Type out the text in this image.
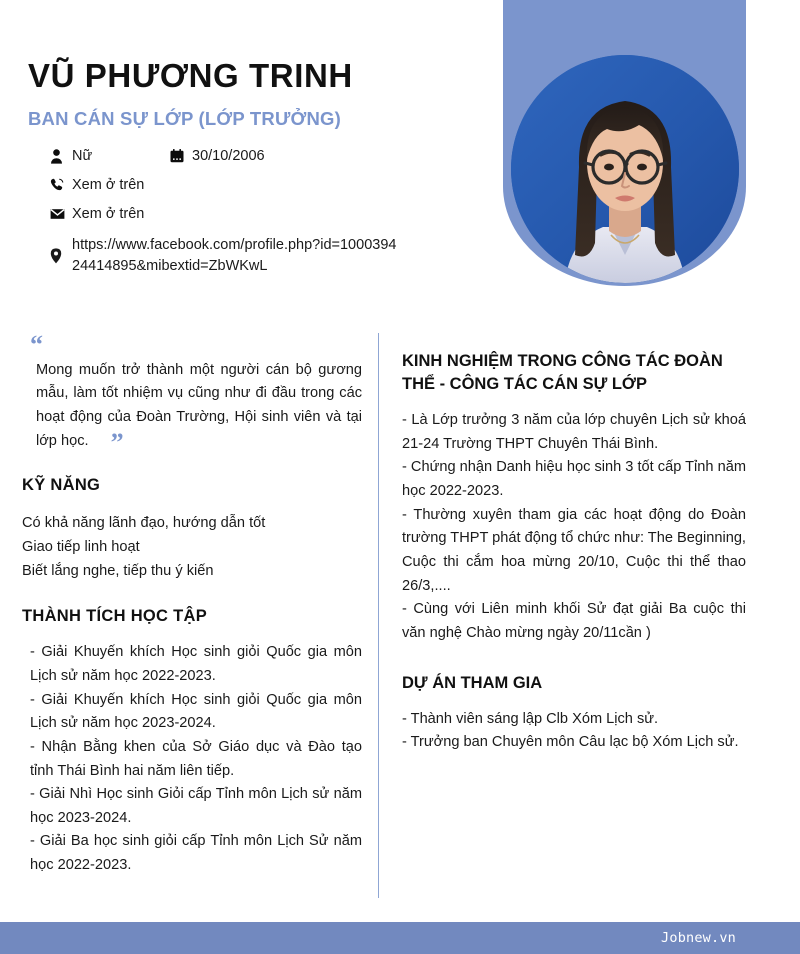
VŨ PHƯƠNG TRINH
BAN CÁN SỰ LỚP (LỚP TRƯỞNG)
Nữ	30/10/2006
Xem ở trên
Xem ở trên
https://www.facebook.com/profile.php?id=100039424414895&mibextid=ZbWKwL
“
Mong muốn trở thành một người cán bộ gương mẫu, làm tốt nhiệm vụ cũng như đi đầu trong các hoạt động của Đoàn Trường, Hội sinh viên và tại lớp học. ”
KỸ NĂNG
Có khả năng lãnh đạo, hướng dẫn tốt
Giao tiếp linh hoạt
Biết lắng nghe, tiếp thu ý kiến
THÀNH TÍCH HỌC TẬP
- Giải Khuyến khích Học sinh giỏi Quốc gia môn Lịch sử năm học 2022-2023.
- Giải Khuyến khích Học sinh giỏi Quốc gia môn Lịch sử năm học 2023-2024.
- Nhận Bằng khen của Sở Giáo dục và Đào tạo tỉnh Thái Bình hai năm liên tiếp.
- Giải Nhì Học sinh Giỏi cấp Tỉnh môn Lịch sử năm học 2023-2024.
- Giải Ba học sinh giỏi cấp Tỉnh môn Lịch Sử năm học 2022-2023.
KINH NGHIỆM TRONG CÔNG TÁC ĐOÀN THỂ - CÔNG TÁC CÁN SỰ LỚP
- Là Lớp trưởng 3 năm của lớp chuyên Lịch sử khoá 21-24 Trường THPT Chuyên Thái Bình.
- Chứng nhận Danh hiệu học sinh 3 tốt cấp Tỉnh năm học 2022-2023.
- Thường xuyên tham gia các hoạt động do Đoàn trường THPT phát động tổ chức như: The Beginning, Cuộc thi cắm hoa mừng 20/10, Cuộc thi thể thao 26/3,....
- Cùng với Liên minh khối Sử đạt giải Ba cuộc thi văn nghệ Chào mừng ngày 20/11cần )
DỰ ÁN THAM GIA
- Thành viên sáng lập Clb Xóm Lịch sử.
- Trưởng ban Chuyên môn Câu lạc bộ Xóm Lịch sử.
Jobnew.vn
